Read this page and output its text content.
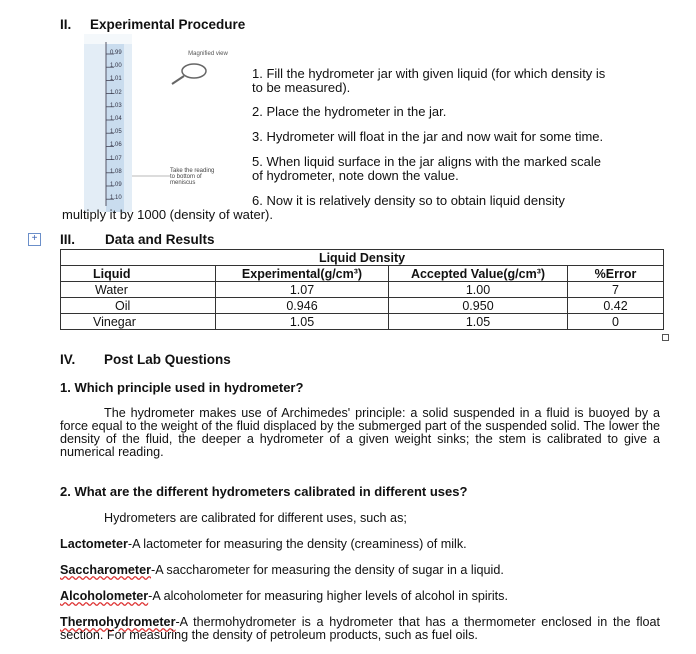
II. Experimental Procedure
Magnified view
Take the reading
to bottom of
meniscus
0.99
1.00
1.01
1.02
1.03
1.04
1.05
1.06
1.07
1.08
1.09
1.10
1. Fill the hydrometer jar with given liquid (for which density is
to be measured).
2. Place the hydrometer in the jar.
3. Hydrometer will float in the jar and now wait for some time.
5. When liquid surface in the jar aligns with the marked scale
of hydrometer, note down the value.
6. Now it is relatively density so to obtain liquid density
multiply it by 1000 (density of water).
+ III. Data and Results
Liquid Density			
Liquid	Experimental(g/cm³)	Accepted Value(g/cm³)	%Error
Water	1.07	1.00	7
Oil	0.946	0.950	0.42
Vinegar	1.05	1.05	0
IV. Post Lab Questions
1. Which principle used in hydrometer?
The hydrometer makes use of Archimedes' principle: a solid suspended in a fluid is buoyed by a force equal to the weight of the fluid displaced by the submerged part of the suspended solid. The lower the density of the fluid, the deeper a hydrometer of a given weight sinks; the stem is calibrated to give a numerical reading.
2. What are the different hydrometers calibrated in different uses?
Hydrometers are calibrated for different uses, such as;
Lactometer-A lactometer for measuring the density (creaminess) of milk.
Saccharometer-A saccharometer for measuring the density of sugar in a liquid.
Alcoholometer-A alcoholometer for measuring higher levels of alcohol in spirits.
Thermohydrometer-A thermohydrometer is a hydrometer that has a thermometer enclosed in the float section. For measuring the density of petroleum products, such as fuel oils.
